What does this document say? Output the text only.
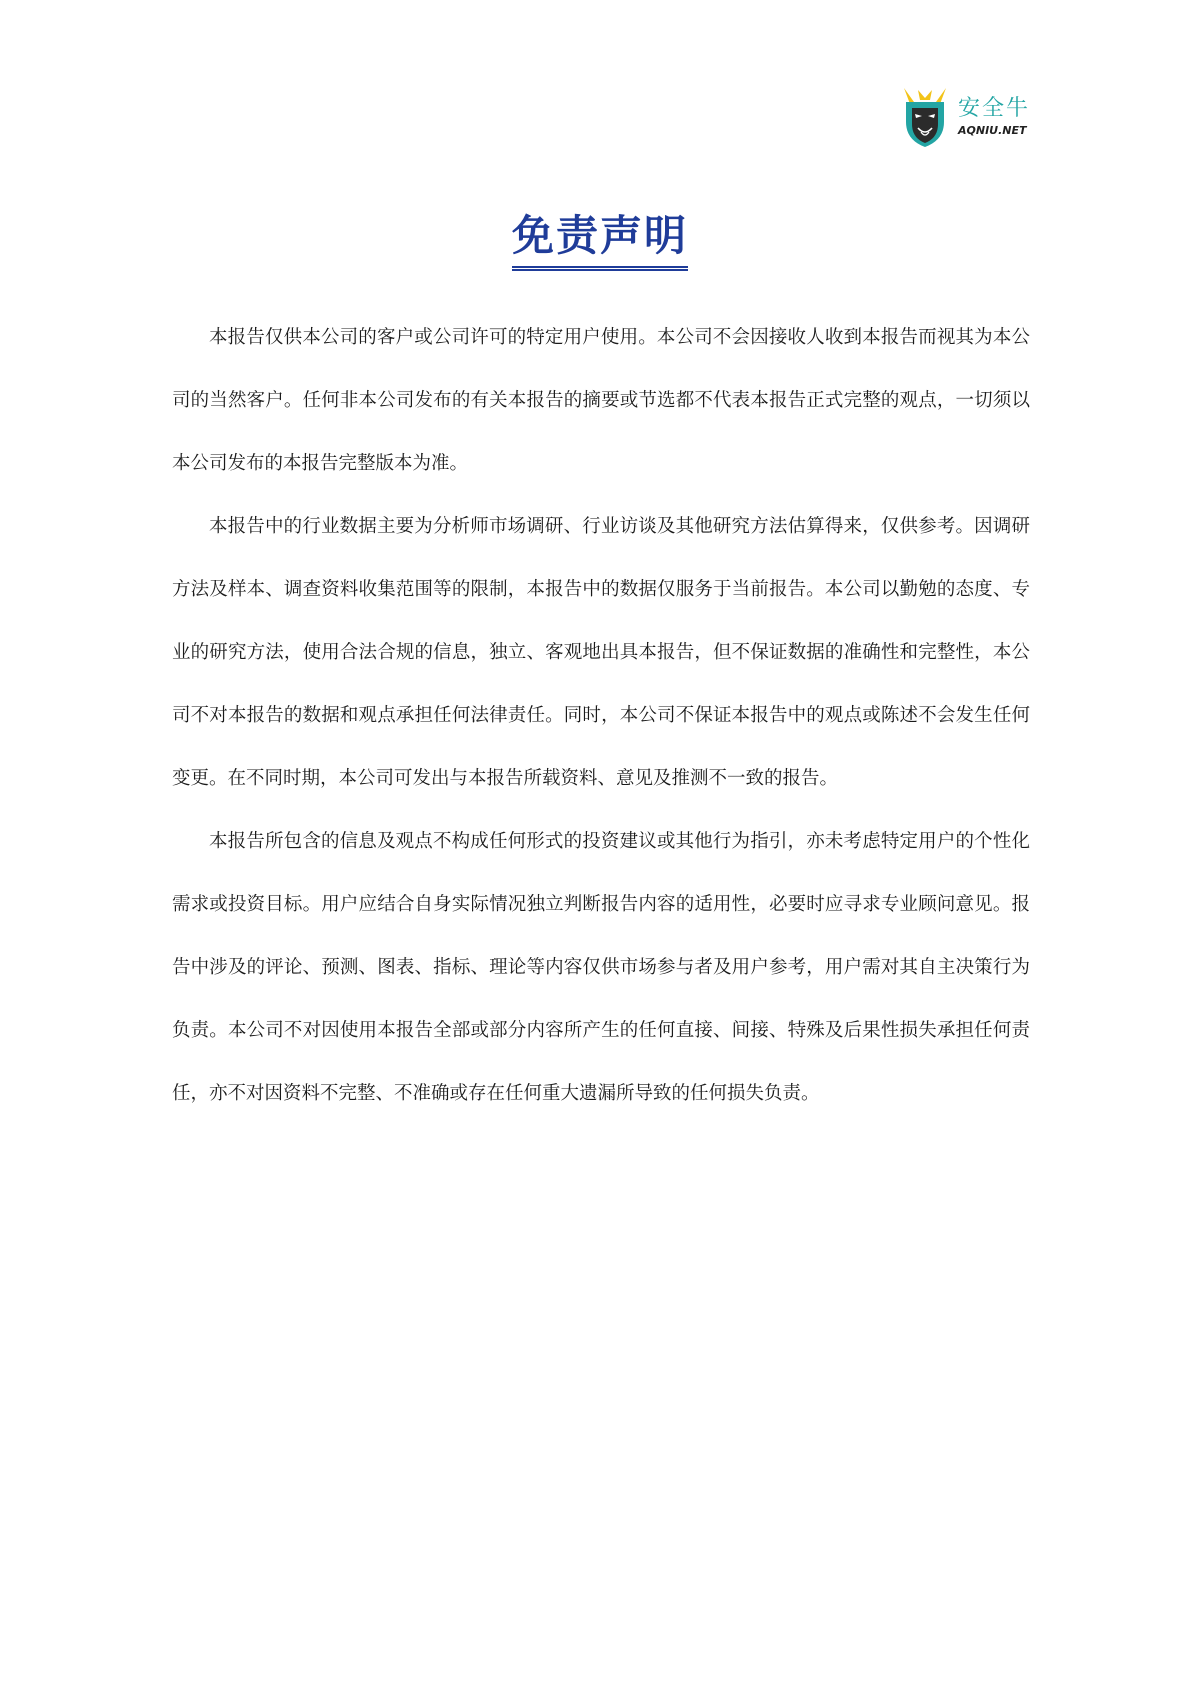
安全牛
AQNIU.NET
免责声明

本报告仅供本公司的客户或公司许可的特定用户使用。本公司不会因接收人收到本报告而视其为本公司的当然客户。任何非本公司发布的有关本报告的摘要或节选都不代表本报告正式完整的观点，一切须以本公司发布的本报告完整版本为准。

本报告中的行业数据主要为分析师市场调研、行业访谈及其他研究方法估算得来，仅供参考。因调研方法及样本、调查资料收集范围等的限制，本报告中的数据仅服务于当前报告。本公司以勤勉的态度、专业的研究方法，使用合法合规的信息，独立、客观地出具本报告，但不保证数据的准确性和完整性，本公司不对本报告的数据和观点承担任何法律责任。同时，本公司不保证本报告中的观点或陈述不会发生任何变更。在不同时期，本公司可发出与本报告所载资料、意见及推测不一致的报告。

本报告所包含的信息及观点不构成任何形式的投资建议或其他行为指引，亦未考虑特定用户的个性化需求或投资目标。用户应结合自身实际情况独立判断报告内容的适用性，必要时应寻求专业顾问意见。报告中涉及的评论、预测、图表、指标、理论等内容仅供市场参与者及用户参考，用户需对其自主决策行为负责。本公司不对因使用本报告全部或部分内容所产生的任何直接、间接、特殊及后果性损失承担任何责任，亦不对因资料不完整、不准确或存在任何重大遗漏所导致的任何损失负责。
